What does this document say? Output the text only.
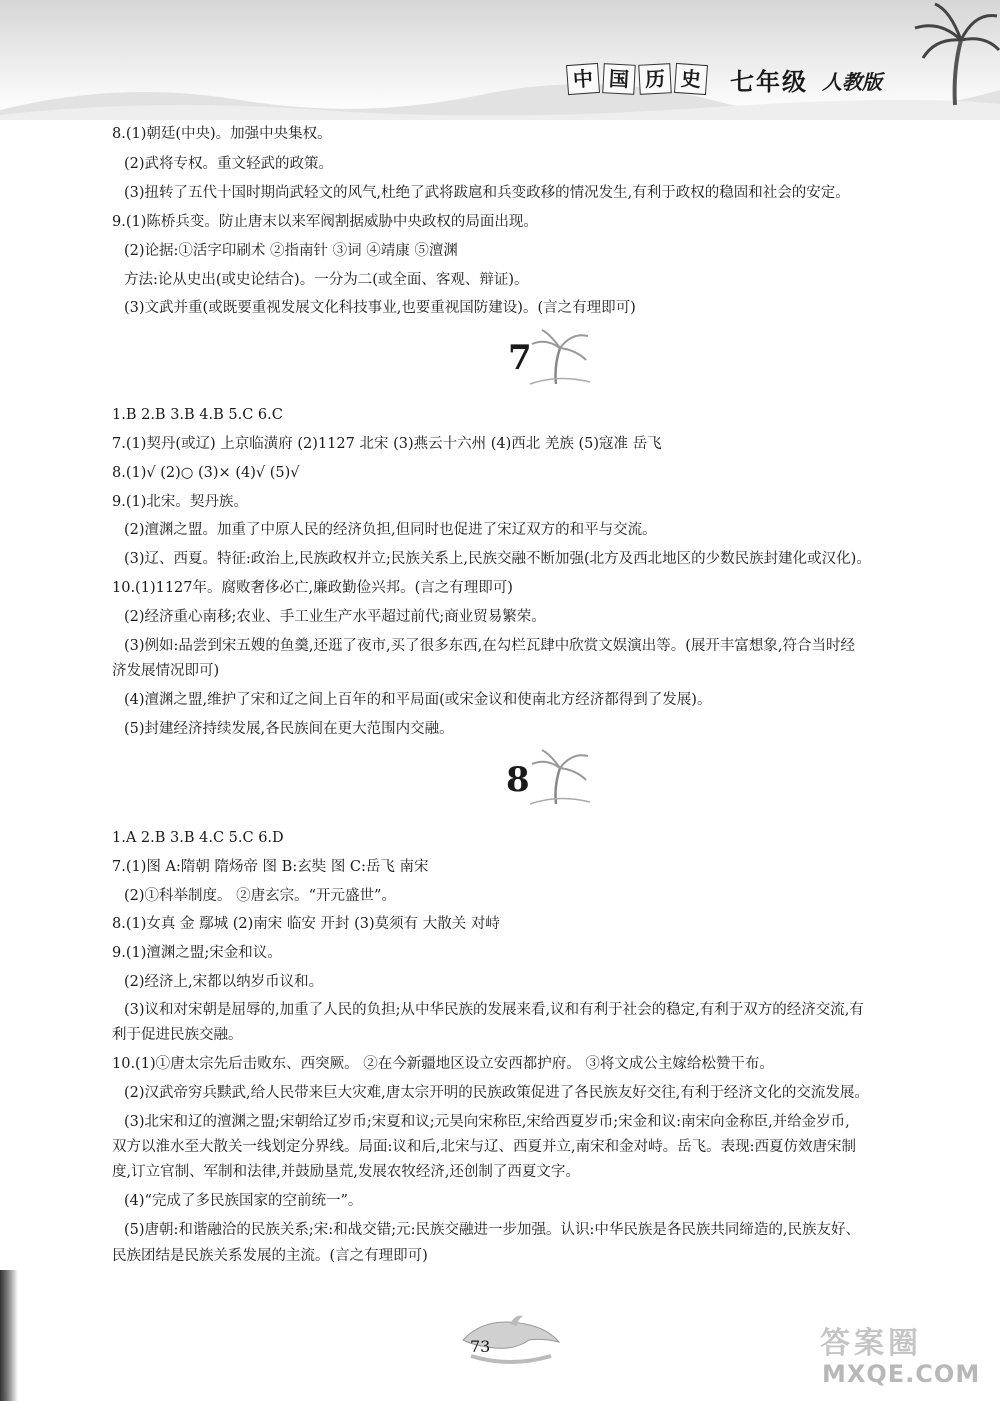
中 国 历 史 七年级 人教版
8.(1)朝廷(中央)。加强中央集权。
(2)武将专权。重文轻武的政策。
(3)扭转了五代十国时期尚武轻文的风气,杜绝了武将跋扈和兵变政移的情况发生,有利于政权的稳固和社会的安定。
9.(1)陈桥兵变。防止唐末以来军阀割据威胁中央政权的局面出现。
(2)论据:①活字印刷术 ②指南针 ③词 ④靖康 ⑤澶渊
方法:论从史出(或史论结合)。一分为二(或全面、客观、辩证)。
(3)文武并重(或既要重视发展文化科技事业,也要重视国防建设)。(言之有理即可)
7
1.B 2.B 3.B 4.B 5.C 6.C
7.(1)契丹(或辽) 上京临潢府 (2)1127 北宋 (3)燕云十六州 (4)西北 羌族 (5)寇准 岳飞
8.(1)√ (2)○ (3)× (4)√ (5)√
9.(1)北宋。契丹族。
(2)澶渊之盟。加重了中原人民的经济负担,但同时也促进了宋辽双方的和平与交流。
(3)辽、西夏。特征:政治上,民族政权并立;民族关系上,民族交融不断加强(北方及西北地区的少数民族封建化或汉化)。
10.(1)1127年。腐败奢侈必亡,廉政勤俭兴邦。(言之有理即可)
(2)经济重心南移;农业、手工业生产水平超过前代;商业贸易繁荣。
(3)例如:品尝到宋五嫂的鱼羹,还逛了夜市,买了很多东西,在勾栏瓦肆中欣赏文娱演出等。(展开丰富想象,符合当时经
济发展情况即可)
(4)澶渊之盟,维护了宋和辽之间上百年的和平局面(或宋金议和使南北方经济都得到了发展)。
(5)封建经济持续发展,各民族间在更大范围内交融。
8
1.A 2.B 3.B 4.C 5.C 6.D
7.(1)图 A:隋朝 隋炀帝 图 B:玄奘 图 C:岳飞 南宋
(2)①科举制度。 ②唐玄宗。“开元盛世”。
8.(1)女真 金 鄢城 (2)南宋 临安 开封 (3)莫须有 大散关 对峙
9.(1)澶渊之盟;宋金和议。
(2)经济上,宋都以纳岁币议和。
(3)议和对宋朝是屈辱的,加重了人民的负担;从中华民族的发展来看,议和有利于社会的稳定,有利于双方的经济交流,有
利于促进民族交融。
10.(1)①唐太宗先后击败东、西突厥。 ②在今新疆地区设立安西都护府。 ③将文成公主嫁给松赞干布。
(2)汉武帝穷兵黩武,给人民带来巨大灾难,唐太宗开明的民族政策促进了各民族友好交往,有利于经济文化的交流发展。
(3)北宋和辽的澶渊之盟;宋朝给辽岁币;宋夏和议;元昊向宋称臣,宋给西夏岁币;宋金和议:南宋向金称臣,并给金岁币,
双方以淮水至大散关一线划定分界线。局面:议和后,北宋与辽、西夏并立,南宋和金对峙。岳飞。表现:西夏仿效唐宋制
度,订立官制、军制和法律,并鼓励垦荒,发展农牧经济,还创制了西夏文字。
(4)“完成了多民族国家的空前统一”。
(5)唐朝:和谐融洽的民族关系;宋:和战交错;元:民族交融进一步加强。认识:中华民族是各民族共同缔造的,民族友好、
民族团结是民族关系发展的主流。(言之有理即可)
73	答案圈
MXQE.COM
